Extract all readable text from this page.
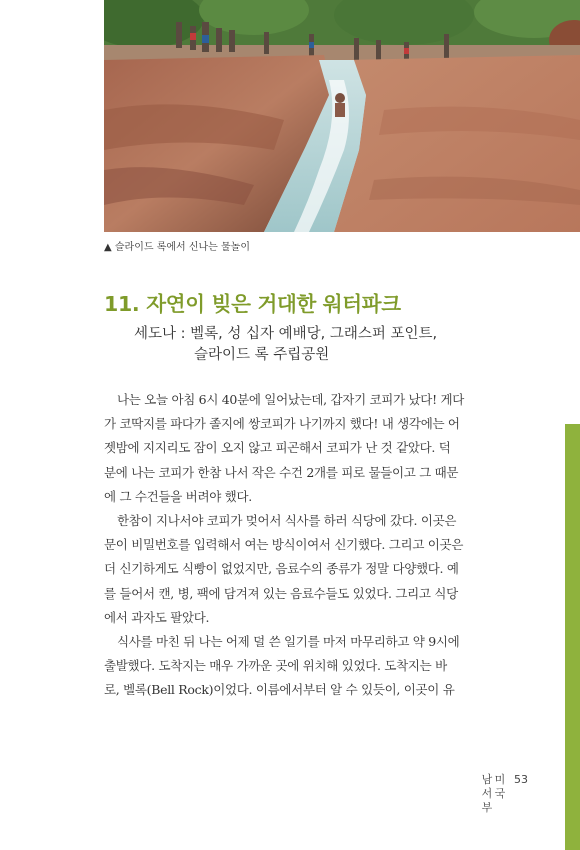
▲ 슬라이드 록에서 신나는 물놀이
11. 자연이 빚은 거대한 워터파크
세도나 : 벨록, 성 십자 예배당, 그래스퍼 포인트,
슬라이드 록 주립공원

나는 오늘 아침 6시 40분에 일어났는데, 갑자기 코피가 났다! 게다

가 코딱지를 파다가 졸지에 쌍코피가 나기까지 했다! 내 생각에는 어

젯밤에 지지리도 잠이 오지 않고 피곤해서 코피가 난 것 같았다. 덕

분에 나는 코피가 한참 나서 작은 수건 2개를 피로 물들이고 그 때문

에 그 수건들을 버려야 했다.

한참이 지나서야 코피가 멎어서 식사를 하러 식당에 갔다. 이곳은

문이 비밀번호를 입력해서 여는 방식이여서 신기했다. 그리고 이곳은

더 신기하게도 식빵이 없었지만, 음료수의 종류가 정말 다양했다. 예

를 들어서 캔, 병, 팩에 담겨져 있는 음료수들도 있었다. 그리고 식당

에서 과자도 팔았다.

식사를 마친 뒤 나는 어제 덜 쓴 일기를 마저 마무리하고 약 9시에

출발했다. 도착지는 매우 가까운 곳에 위치해 있었다. 도착지는 바

로, 벨록(Bell Rock)이었다. 이름에서부터 알 수 있듯이, 이곳이 유

남
서
부
미
국
53
